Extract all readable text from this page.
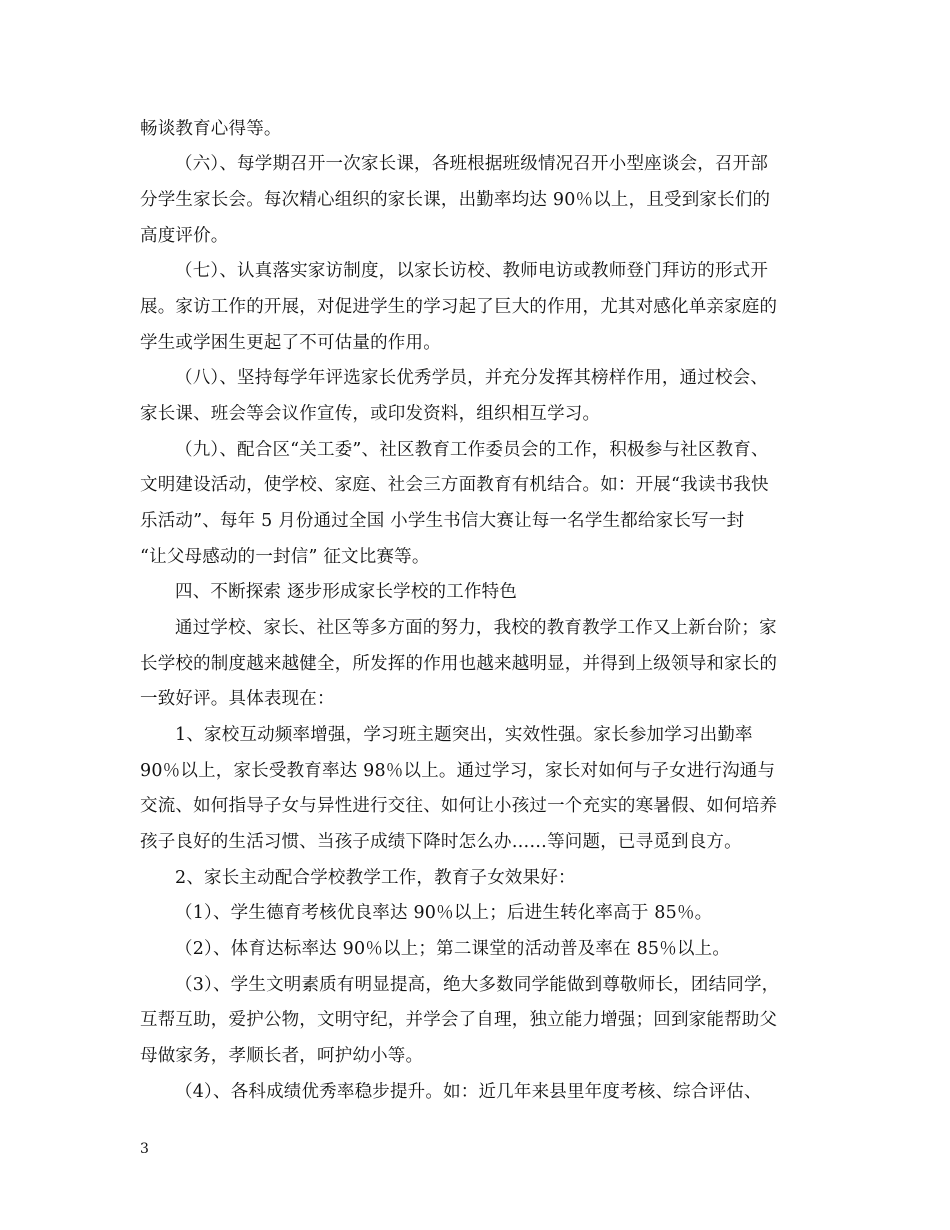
畅谈教育心得等。
（六）、每学期召开一次家长课，各班根据班级情况召开小型座谈会，召开部
分学生家长会。每次精心组织的家长课，出勤率均达 90％以上，且受到家长们的
高度评价。
（七）、认真落实家访制度，以家长访校、教师电访或教师登门拜访的形式开
展。家访工作的开展，对促进学生的学习起了巨大的作用，尤其对感化单亲家庭的
学生或学困生更起了不可估量的作用。
（八）、坚持每学年评选家长优秀学员，并充分发挥其榜样作用，通过校会、
家长课、班会等会议作宣传，或印发资料，组织相互学习。
（九）、配合区“关工委”、社区教育工作委员会的工作，积极参与社区教育、
文明建设活动，使学校、家庭、社会三方面教育有机结合。如：开展“我读书我快
乐活动”、每年 5 月份通过全国 小学生书信大赛让每一名学生都给家长写一封
“让父母感动的一封信” 征文比赛等。
四、不断探索 逐步形成家长学校的工作特色
通过学校、家长、社区等多方面的努力，我校的教育教学工作又上新台阶；家
长学校的制度越来越健全，所发挥的作用也越来越明显，并得到上级领导和家长的
一致好评。具体表现在：
1、家校互动频率增强，学习班主题突出，实效性强。家长参加学习出勤率
90％以上，家长受教育率达 98％以上。通过学习，家长对如何与子女进行沟通与
交流、如何指导子女与异性进行交往、如何让小孩过一个充实的寒暑假、如何培养
孩子良好的生活习惯、当孩子成绩下降时怎么办……等问题，已寻觅到良方。
2、家长主动配合学校教学工作，教育子女效果好：
（1）、学生德育考核优良率达 90％以上；后进生转化率高于 85％。
（2）、体育达标率达 90％以上；第二课堂的活动普及率在 85％以上。
（3）、学生文明素质有明显提高，绝大多数同学能做到尊敬师长，团结同学，
互帮互助，爱护公物，文明守纪，并学会了自理，独立能力增强；回到家能帮助父
母做家务，孝顺长者，呵护幼小等。
（4）、各科成绩优秀率稳步提升。如：近几年来县里年度考核、综合评估、
3
